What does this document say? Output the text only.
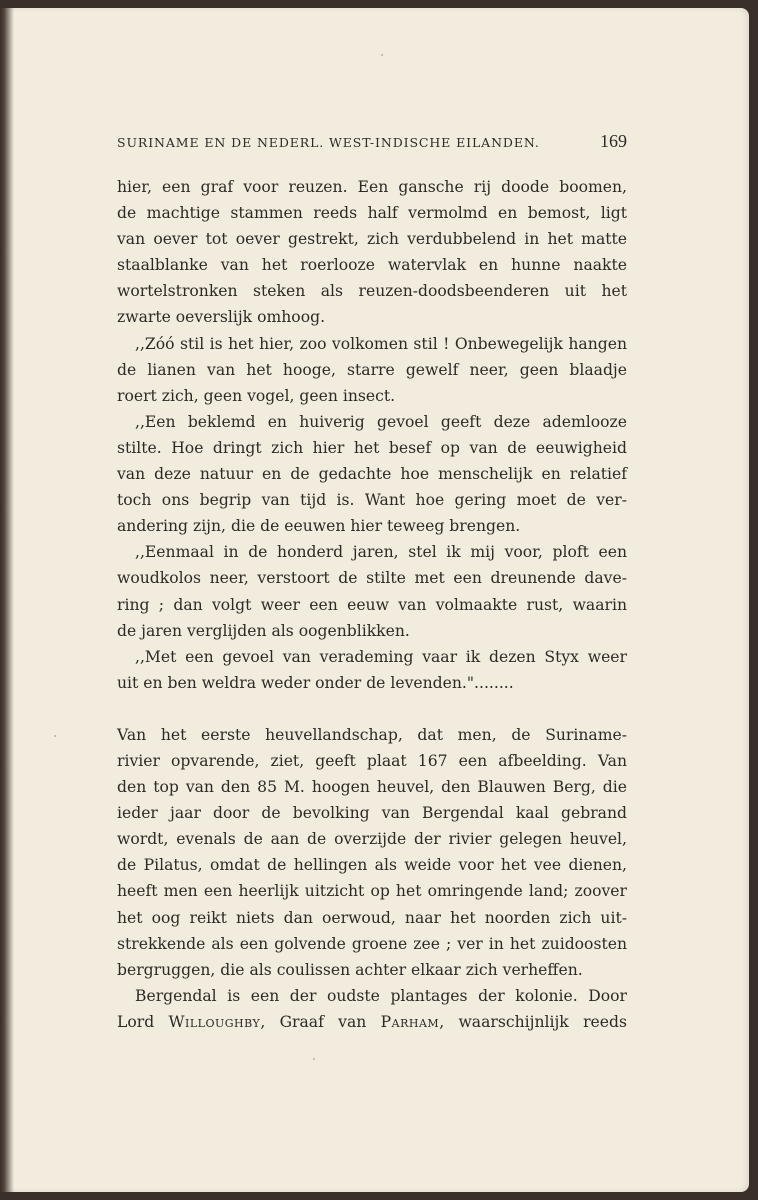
SURINAME EN DE NEDERL. WEST-INDISCHE EILANDEN.	169
hier, een graf voor reuzen. Een gansche rij doode boomen,
de machtige stammen reeds half vermolmd en bemost, ligt
van oever tot oever gestrekt, zich verdubbelend in het matte
staalblanke van het roerlooze watervlak en hunne naakte
wortelstronken steken als reuzen-doodsbeenderen uit het
zwarte oeverslijk omhoog.
,,Zóó stil is het hier, zoo volkomen stil ! Onbewegelijk hangen
de lianen van het hooge, starre gewelf neer, geen blaadje
roert zich, geen vogel, geen insect.
,,Een beklemd en huiverig gevoel geeft deze ademlooze
stilte. Hoe dringt zich hier het besef op van de eeuwigheid
van deze natuur en de gedachte hoe menschelijk en relatief
toch ons begrip van tijd is. Want hoe gering moet de ver-
andering zijn, die de eeuwen hier teweeg brengen.
,,Eenmaal in de honderd jaren, stel ik mij voor, ploft een
woudkolos neer, verstoort de stilte met een dreunende dave-
ring ; dan volgt weer een eeuw van volmaakte rust, waarin
de jaren verglijden als oogenblikken.
,,Met een gevoel van verademing vaar ik dezen Styx weer
uit en ben weldra weder onder de levenden."........
Van het eerste heuvellandschap, dat men, de Suriname-
rivier opvarende, ziet, geeft plaat 167 een afbeelding. Van
den top van den 85 M. hoogen heuvel, den Blauwen Berg, die
ieder jaar door de bevolking van Bergendal kaal gebrand
wordt, evenals de aan de overzijde der rivier gelegen heuvel,
de Pilatus, omdat de hellingen als weide voor het vee dienen,
heeft men een heerlijk uitzicht op het omringende land; zoover
het oog reikt niets dan oerwoud, naar het noorden zich uit-
strekkende als een golvende groene zee ; ver in het zuidoosten
bergruggen, die als coulissen achter elkaar zich verheffen.
Bergendal is een der oudste plantages der kolonie. Door
Lord Willoughby, Graaf van Parham, waarschijnlijk reeds
